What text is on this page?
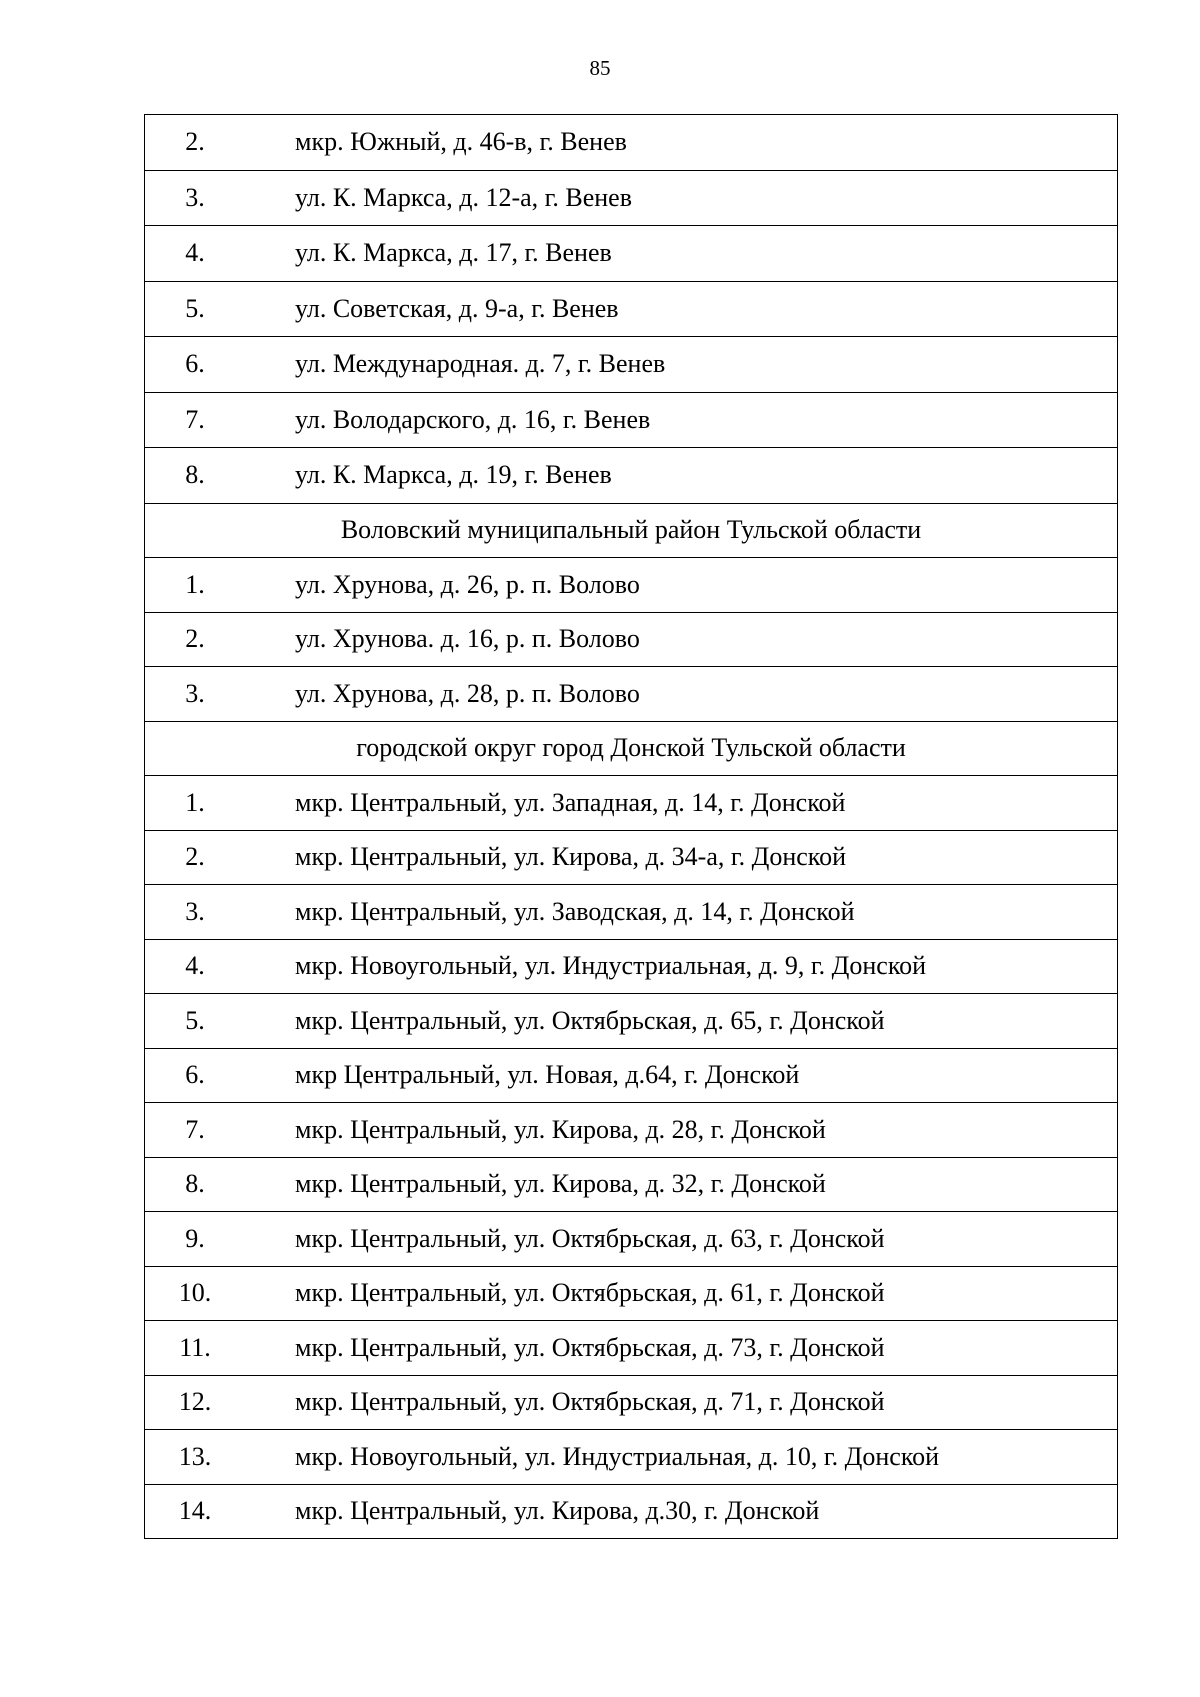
85
2.	мкр. Южный, д. 46-в, г. Венев
3.	ул. К. Маркса, д. 12-а, г. Венев
4.	ул. К. Маркса, д. 17, г. Венев
5.	ул. Советская, д. 9-а, г. Венев
6.	ул. Международная. д. 7, г. Венев
7.	ул. Володарского, д. 16, г. Венев
8.	ул. К. Маркса, д. 19, г. Венев
Воловский муниципальный район Тульской области	
1.	ул. Хрунова, д. 26, р. п. Волово
2.	ул. Хрунова. д. 16, р. п. Волово
3.	ул. Хрунова, д. 28, р. п. Волово
городской округ город Донской Тульской области	
1.	мкр. Центральный, ул. Западная, д. 14, г. Донской
2.	мкр. Центральный, ул. Кирова, д. 34-а, г. Донской
3.	мкр. Центральный, ул. Заводская, д. 14, г. Донской
4.	мкр. Новоугольный, ул. Индустриальная, д. 9, г. Донской
5.	мкр. Центральный, ул. Октябрьская, д. 65, г. Донской
6.	мкр Центральный, ул. Новая, д.64, г. Донской
7.	мкр. Центральный, ул. Кирова, д. 28, г. Донской
8.	мкр. Центральный, ул. Кирова, д. 32, г. Донской
9.	мкр. Центральный, ул. Октябрьская, д. 63, г. Донской
10.	мкр. Центральный, ул. Октябрьская, д. 61, г. Донской
11.	мкр. Центральный, ул. Октябрьская, д. 73, г. Донской
12.	мкр. Центральный, ул. Октябрьская, д. 71, г. Донской
13.	мкр. Новоугольный, ул. Индустриальная, д. 10, г. Донской
14.	мкр. Центральный, ул. Кирова, д.30, г. Донской
